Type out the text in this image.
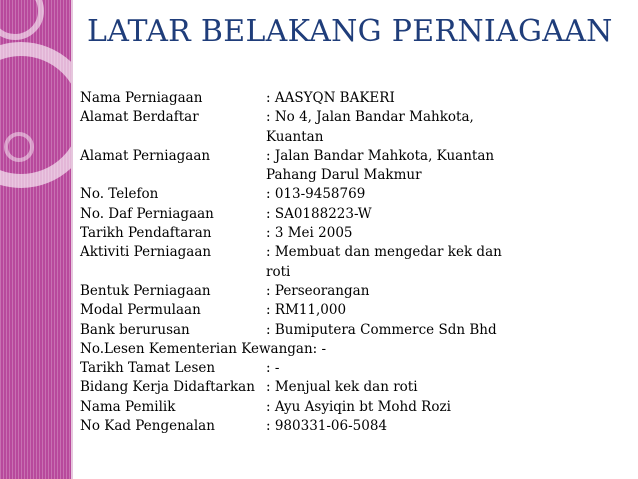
LATAR BELAKANG PERNIAGAAN
Nama Perniagaan	: AASYQN BAKERI
Alamat Berdaftar	: No 4, Jalan Bandar Mahkota, Kuantan
Alamat Perniagaan	: Jalan Bandar Mahkota, Kuantan Pahang Darul Makmur
No. Telefon	: 013-9458769
No. Daf Perniagaan	: SA0188223-W
Tarikh Pendaftaran	: 3 Mei 2005
Aktiviti Perniagaan	: Membuat dan mengedar kek dan roti
Bentuk Perniagaan	: Perseorangan
Modal Permulaan	: RM11,000
Bank berurusan	: Bumiputera Commerce Sdn Bhd
No.Lesen Kementerian Kewangan: -
Tarikh Tamat Lesen	: -
Bidang Kerja Didaftarkan : Menjual kek dan roti
Nama Pemilik	: Ayu Asyiqin bt Mohd Rozi
No Kad Pengenalan	: 980331-06-5084
